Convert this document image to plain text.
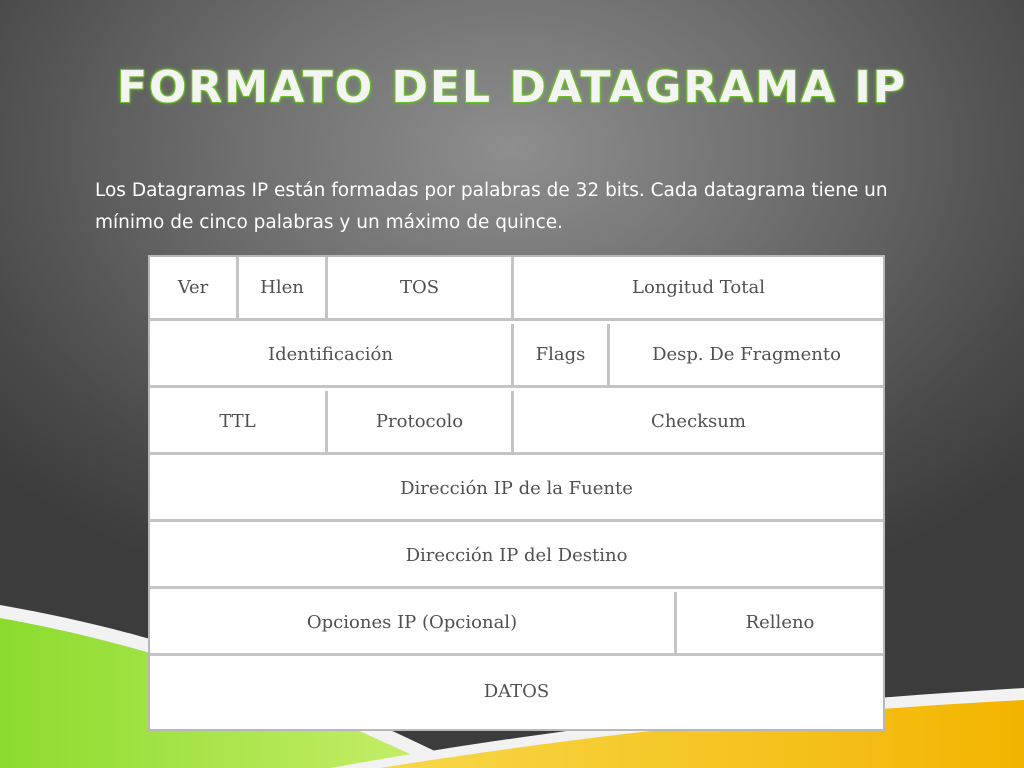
FORMATO DEL DATAGRAMA IP

Los Datagramas IP están formadas por palabras de 32 bits. Cada datagrama tiene un mínimo de cinco palabras y un máximo de quince.

Ver	Hlen	TOS	Longitud Total
Identificación	Flags	Desp. De Fragmento
TTL	Protocolo	Checksum
Dirección IP de la Fuente
Dirección IP del Destino
Opciones IP (Opcional)	Relleno
DATOS
